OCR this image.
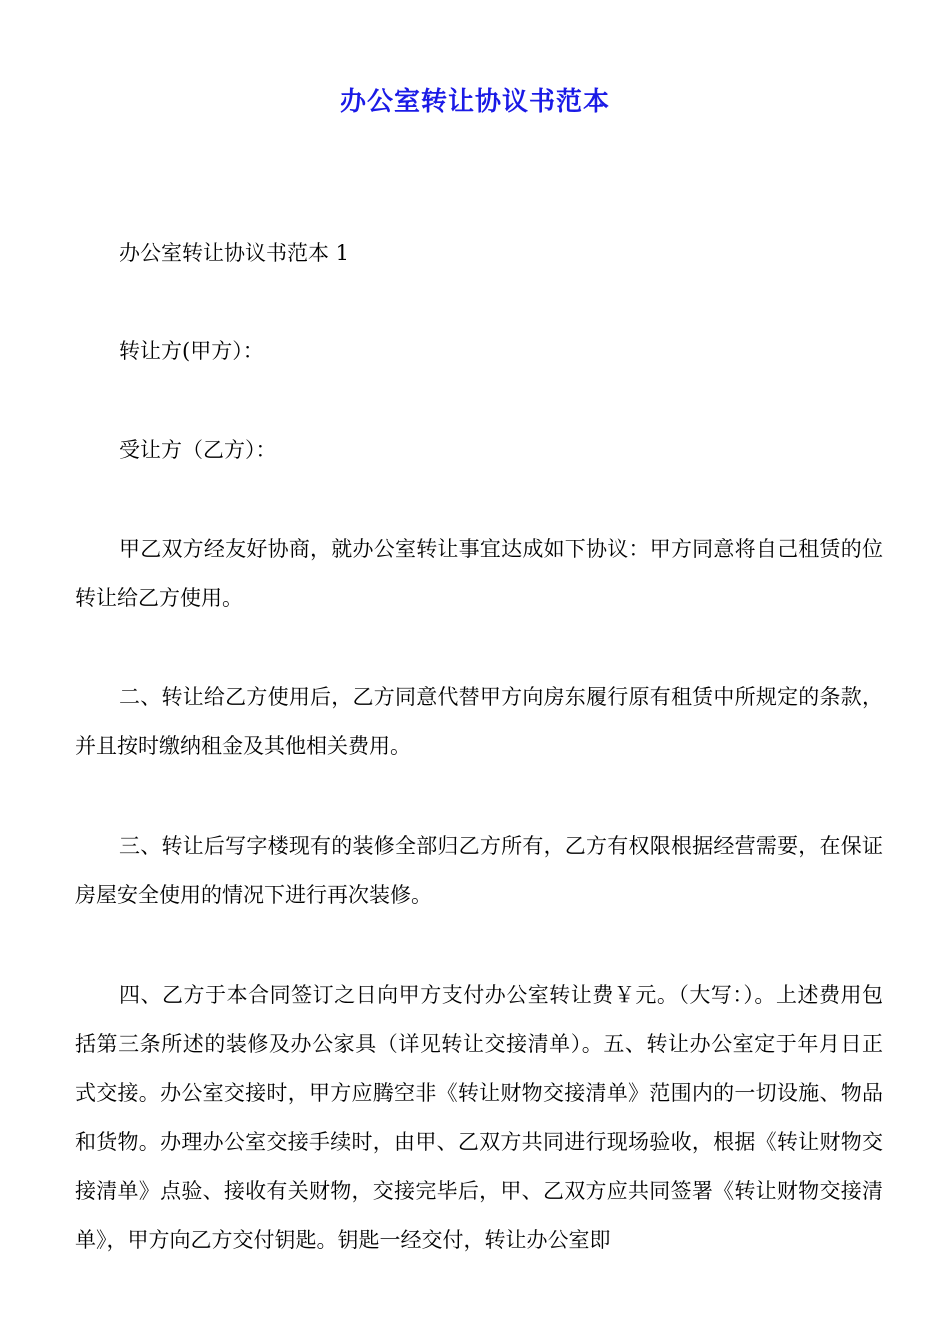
办公室转让协议书范本

办公室转让协议书范本 1

转让方(甲方）：

受让方（乙方）：

甲乙双方经友好协商，就办公室转让事宜达成如下协议：甲方同意将自己租赁的位转让给乙方使用。

二、转让给乙方使用后，乙方同意代替甲方向房东履行原有租赁中所规定的条款，并且按时缴纳租金及其他相关费用。

三、转让后写字楼现有的装修全部归乙方所有，乙方有权限根据经营需要，在保证房屋安全使用的情况下进行再次装修。

四、乙方于本合同签订之日向甲方支付办公室转让费￥元。（大写：）。上述费用包括第三条所述的装修及办公家具（详见转让交接清单）。五、转让办公室定于年月日正式交接。办公室交接时，甲方应腾空非《转让财物交接清单》范围内的一切设施、物品和货物。办理办公室交接手续时，由甲、乙双方共同进行现场验收，根据《转让财物交接清单》点验、接收有关财物，交接完毕后，甲、乙双方应共同签署《转让财物交接清单》，甲方向乙方交付钥匙。钥匙一经交付，转让办公室即
